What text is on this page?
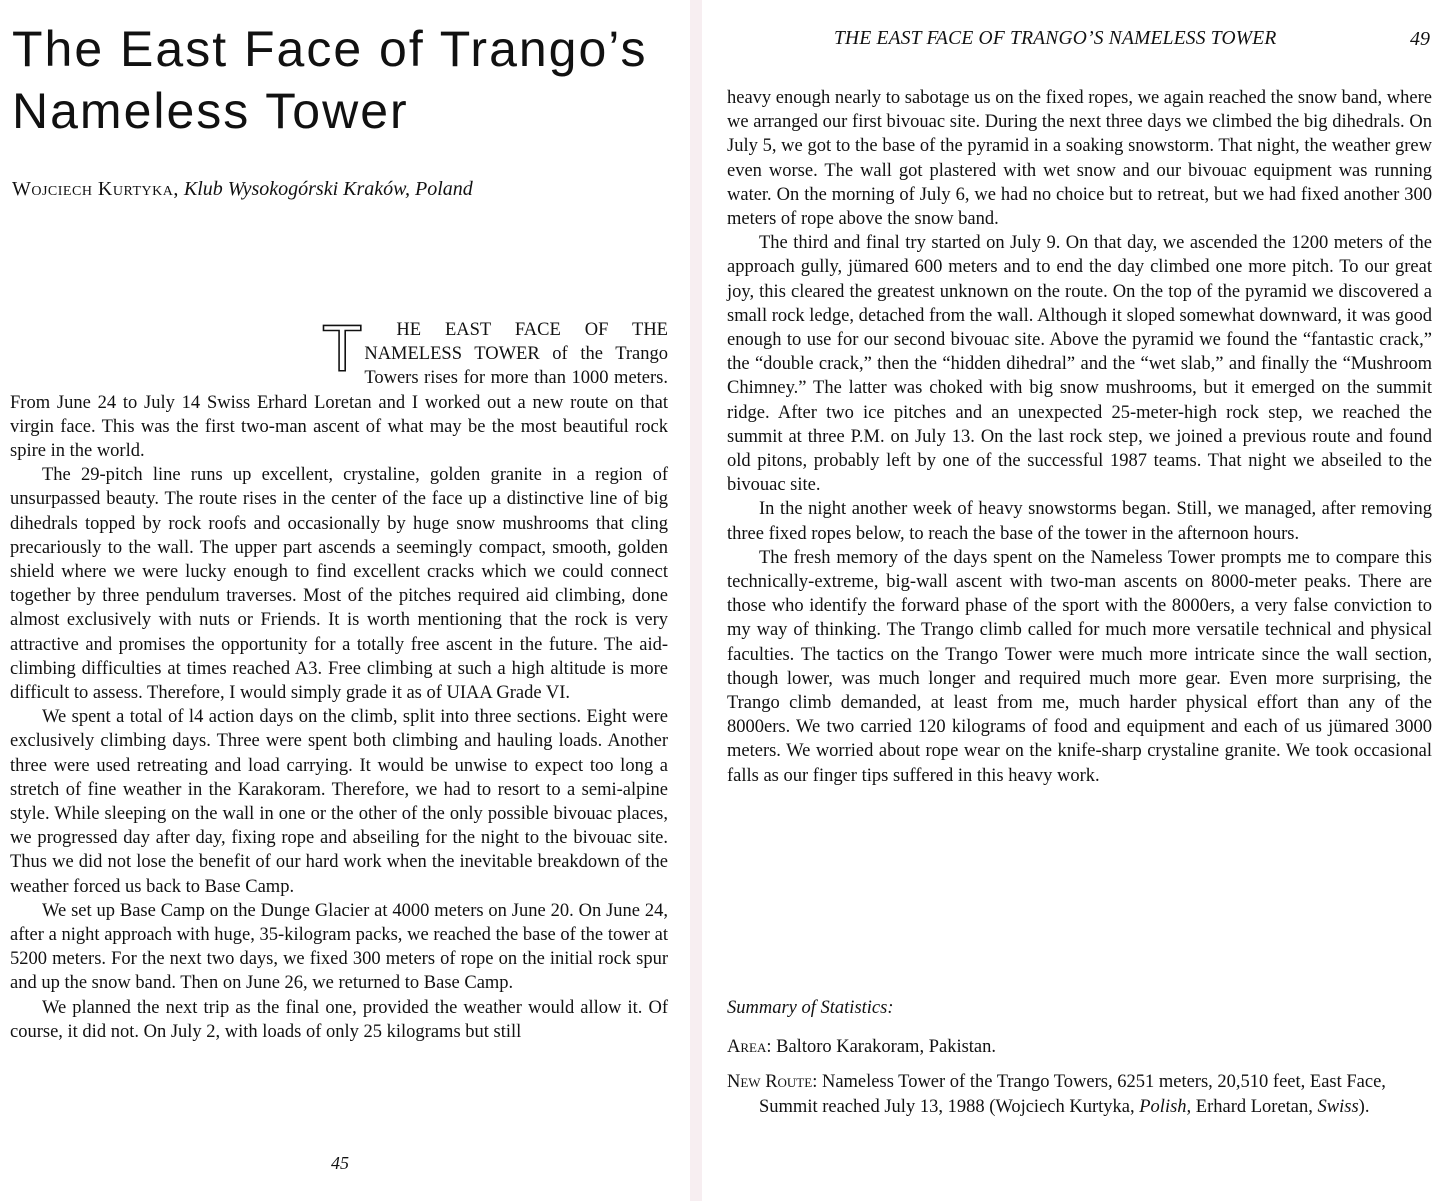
The East Face of Trango’s
Nameless Tower
Wojciech Kurtyka, Klub Wysokogórski Kraków, Poland

T HE EAST FACE OF THE NAMELESS TOWER of the Trango Towers rises for more than 1000 meters. From June 24 to July 14 Swiss Erhard Loretan and I worked out a new route on that virgin face. This was the first two-man ascent of what may be the most beautiful rock spire in the world.

The 29-pitch line runs up excellent, crystaline, golden granite in a region of unsurpassed beauty. The route rises in the center of the face up a distinctive line of big dihedrals topped by rock roofs and occasionally by huge snow mushrooms that cling precariously to the wall. The upper part ascends a seemingly compact, smooth, golden shield where we were lucky enough to find excellent cracks which we could connect together by three pendulum traverses. Most of the pitches required aid climbing, done almost exclusively with nuts or Friends. It is worth mentioning that the rock is very attractive and promises the opportunity for a totally free ascent in the future. The aid-climbing difficulties at times reached A3. Free climbing at such a high altitude is more difficult to assess. Therefore, I would simply grade it as of UIAA Grade VI.

We spent a total of l4 action days on the climb, split into three sections. Eight were exclusively climbing days. Three were spent both climbing and hauling loads. Another three were used retreating and load carrying. It would be unwise to expect too long a stretch of fine weather in the Karakoram. Therefore, we had to resort to a semi-alpine style. While sleeping on the wall in one or the other of the only possible bivouac places, we progressed day after day, fixing rope and abseiling for the night to the bivouac site. Thus we did not lose the benefit of our hard work when the inevitable breakdown of the weather forced us back to Base Camp.

We set up Base Camp on the Dunge Glacier at 4000 meters on June 20. On June 24, after a night approach with huge, 35-kilogram packs, we reached the base of the tower at 5200 meters. For the next two days, we fixed 300 meters of rope on the initial rock spur and up the snow band. Then on June 26, we returned to Base Camp.

We planned the next trip as the final one, provided the weather would allow it. Of course, it did not. On July 2, with loads of only 25 kilograms but still

45
THE EAST FACE OF TRANGO’S NAMELESS TOWER	49

heavy enough nearly to sabotage us on the fixed ropes, we again reached the snow band, where we arranged our first bivouac site. During the next three days we climbed the big dihedrals. On July 5, we got to the base of the pyramid in a soaking snowstorm. That night, the weather grew even worse. The wall got plastered with wet snow and our bivouac equipment was running water. On the morning of July 6, we had no choice but to retreat, but we had fixed another 300 meters of rope above the snow band.

The third and final try started on July 9. On that day, we ascended the 1200 meters of the approach gully, jümared 600 meters and to end the day climbed one more pitch. To our great joy, this cleared the greatest unknown on the route. On the top of the pyramid we discovered a small rock ledge, detached from the wall. Although it sloped somewhat downward, it was good enough to use for our second bivouac site. Above the pyramid we found the “fantastic crack,” the “double crack,” then the “hidden dihedral” and the “wet slab,” and finally the “Mushroom Chimney.” The latter was choked with big snow mushrooms, but it emerged on the summit ridge. After two ice pitches and an unexpected 25-meter-high rock step, we reached the summit at three P.M. on July 13. On the last rock step, we joined a previous route and found old pitons, probably left by one of the successful 1987 teams. That night we abseiled to the bivouac site.

In the night another week of heavy snowstorms began. Still, we managed, after removing three fixed ropes below, to reach the base of the tower in the afternoon hours.

The fresh memory of the days spent on the Nameless Tower prompts me to compare this technically-extreme, big-wall ascent with two-man ascents on 8000-meter peaks. There are those who identify the forward phase of the sport with the 8000ers, a very false conviction to my way of thinking. The Trango climb called for much more versatile technical and physical faculties. The tactics on the Trango Tower were much more intricate since the wall section, though lower, was much longer and required much more gear. Even more surprising, the Trango climb demanded, at least from me, much harder physical effort than any of the 8000ers. We two carried 120 kilograms of food and equipment and each of us jümared 3000 meters. We worried about rope wear on the knife-sharp crystaline granite. We took occasional falls as our finger tips suffered in this heavy work.

Summary of Statistics:
Area: Baltoro Karakoram, Pakistan.
New Route: Nameless Tower of the Trango Towers, 6251 meters, 20,510 feet, East Face, Summit reached July 13, 1988 (Wojciech Kurtyka, Polish, Erhard Loretan, Swiss).
